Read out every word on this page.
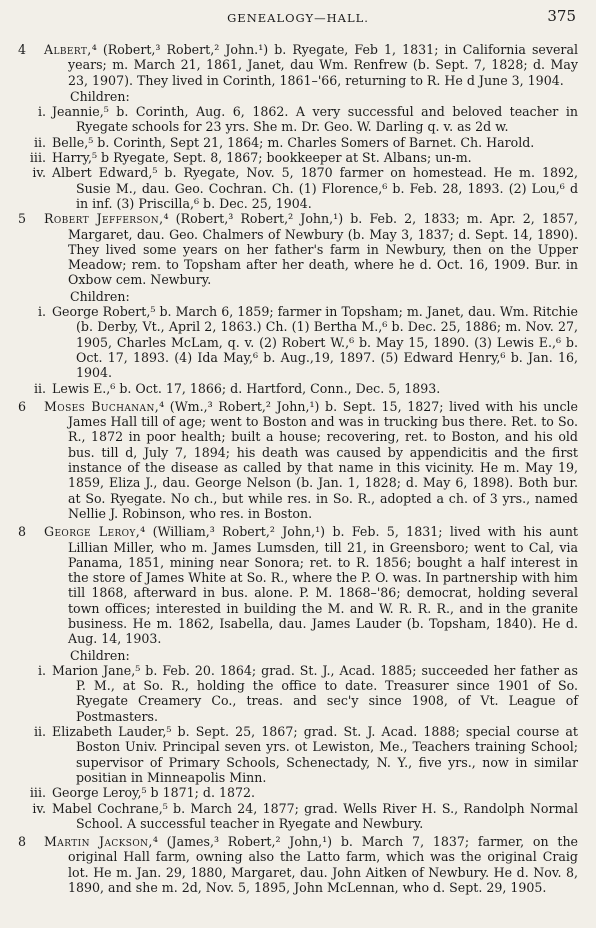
GENEALOGY—HALL.	375
4 Albert,⁴ (Robert,³ Robert,² John.¹) b. Ryegate, Feb 1, 1831; in California several years; m. March 21, 1861, Janet, dau Wm. Renfrew (b. Sept. 7, 1828; d. May 23, 1907). They lived in Corinth, 1861–'66, returning to R. He d June 3, 1904.
Children:
i. Jeannie,⁵ b. Corinth, Aug. 6, 1862. A very successful and beloved teacher in Ryegate schools for 23 yrs. She m. Dr. Geo. W. Darling q. v. as 2d w.
ii. Belle,⁵ b. Corinth, Sept 21, 1864; m. Charles Somers of Barnet. Ch. Harold.
iii. Harry,⁵ b Ryegate, Sept. 8, 1867; bookkeeper at St. Albans; un-m.
iv. Albert Edward,⁵ b. Ryegate, Nov. 5, 1870 farmer on homestead. He m. 1892, Susie M., dau. Geo. Cochran. Ch. (1) Florence,⁶ b. Feb. 28, 1893. (2) Lou,⁶ d in inf. (3) Priscilla,⁶ b. Dec. 25, 1904.
5 Robert Jefferson,⁴ (Robert,³ Robert,² John,¹) b. Feb. 2, 1833; m. Apr. 2, 1857, Margaret, dau. Geo. Chalmers of Newbury (b. May 3, 1837; d. Sept. 14, 1890). They lived some years on her father's farm in Newbury, then on the Upper Meadow; rem. to Topsham after her death, where he d. Oct. 16, 1909. Bur. in Oxbow cem. Newbury.
Children:
i. George Robert,⁵ b. March 6, 1859; farmer in Topsham; m. Janet, dau. Wm. Ritchie (b. Derby, Vt., April 2, 1863.) Ch. (1) Bertha M.,⁶ b. Dec. 25, 1886; m. Nov. 27, 1905, Charles McLam, q. v. (2) Robert W.,⁶ b. May 15, 1890. (3) Lewis E.,⁶ b. Oct. 17, 1893. (4) Ida May,⁶ b. Aug.,19, 1897. (5) Edward Henry,⁶ b. Jan. 16, 1904.
ii. Lewis E.,⁶ b. Oct. 17, 1866; d. Hartford, Conn., Dec. 5, 1893.
6 Moses Buchanan,⁴ (Wm.,³ Robert,² John,¹) b. Sept. 15, 1827; lived with his uncle James Hall till of age; went to Boston and was in trucking bus there. Ret. to So. R., 1872 in poor health; built a house; recovering, ret. to Boston, and his old bus. till d, July 7, 1894; his death was caused by appendicitis and the first instance of the disease as called by that name in this vicinity. He m. May 19, 1859, Eliza J., dau. George Nelson (b. Jan. 1, 1828; d. May 6, 1898). Both bur. at So. Ryegate. No ch., but while res. in So. R., adopted a ch. of 3 yrs., named Nellie J. Robinson, who res. in Boston.
8 George Leroy,⁴ (William,³ Robert,² John,¹) b. Feb. 5, 1831; lived with his aunt Lillian Miller, who m. James Lumsden, till 21, in Greensboro; went to Cal, via Panama, 1851, mining near Sonora; ret. to R. 1856; bought a half interest in the store of James White at So. R., where the P. O. was. In partnership with him till 1868, afterward in bus. alone. P. M. 1868–'86; democrat, holding several town offices; interested in building the M. and W. R. R. R., and in the granite business. He m. 1862, Isabella, dau. James Lauder (b. Topsham, 1840). He d. Aug. 14, 1903.
Children:
i. Marion Jane,⁵ b. Feb. 20. 1864; grad. St. J., Acad. 1885; succeeded her father as P. M., at So. R., holding the office to date. Treasurer since 1901 of So. Ryegate Creamery Co., treas. and sec'y since 1908, of Vt. League of Postmasters.
ii. Elizabeth Lauder,⁵ b. Sept. 25, 1867; grad. St. J. Acad. 1888; special course at Boston Univ. Principal seven yrs. ot Lewiston, Me., Teachers training School; supervisor of Primary Schools, Schenectady, N. Y., five yrs., now in similar positian in Minneapolis Minn.
iii. George Leroy,⁵ b 1871; d. 1872.
iv. Mabel Cochrane,⁵ b. March 24, 1877; grad. Wells River H. S., Randolph Normal School. A successful teacher in Ryegate and Newbury.
8 Martin Jackson,⁴ (James,³ Robert,² John,¹) b. March 7, 1837; farmer, on the original Hall farm, owning also the Latto farm, which was the original Craig lot. He m. Jan. 29, 1880, Margaret, dau. John Aitken of Newbury. He d. Nov. 8, 1890, and she m. 2d, Nov. 5, 1895, John McLennan, who d. Sept. 29, 1905.
